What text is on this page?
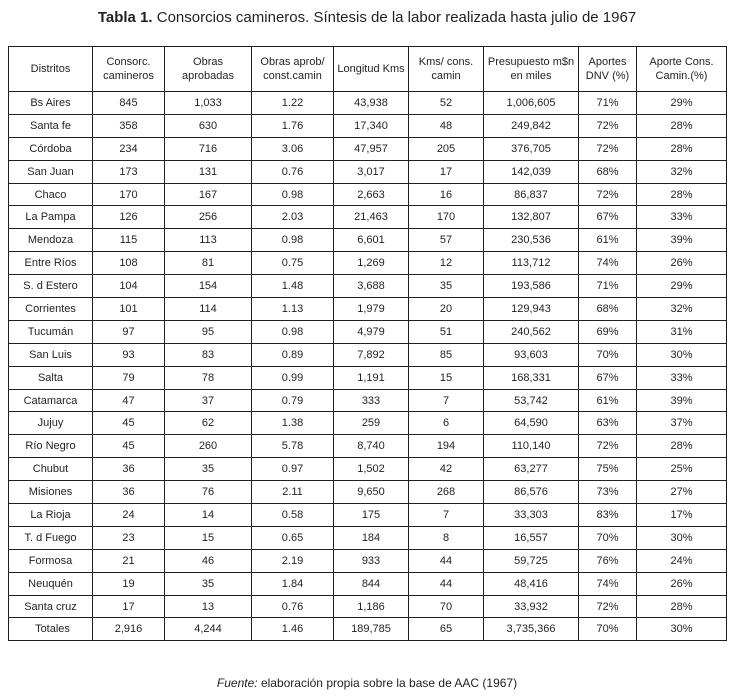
Tabla 1. Consorcios camineros. Síntesis de la labor realizada hasta julio de 1967
Distritos	Consorc. camineros	Obras aprobadas	Obras aprob/ const.camin	Longitud Kms	Kms/ cons. camin	Presupuesto m$n en miles	Aportes DNV (%)	Aporte Cons. Camin.(%)
Bs Aires	845	1,033	1.22	43,938	52	1,006,605	71%	29%
Santa fe	358	630	1.76	17,340	48	249,842	72%	28%
Córdoba	234	716	3.06	47,957	205	376,705	72%	28%
San Juan	173	131	0.76	3,017	17	142,039	68%	32%
Chaco	170	167	0.98	2,663	16	86,837	72%	28%
La Pampa	126	256	2.03	21,463	170	132,807	67%	33%
Mendoza	115	113	0.98	6,601	57	230,536	61%	39%
Entre Ríos	108	81	0.75	1,269	12	113,712	74%	26%
S. d Estero	104	154	1.48	3,688	35	193,586	71%	29%
Corrientes	101	114	1.13	1,979	20	129,943	68%	32%
Tucumán	97	95	0.98	4,979	51	240,562	69%	31%
San Luis	93	83	0.89	7,892	85	93,603	70%	30%
Salta	79	78	0.99	1,191	15	168,331	67%	33%
Catamarca	47	37	0.79	333	7	53,742	61%	39%
Jujuy	45	62	1.38	259	6	64,590	63%	37%
Río Negro	45	260	5.78	8,740	194	110,140	72%	28%
Chubut	36	35	0.97	1,502	42	63,277	75%	25%
Misiones	36	76	2.11	9,650	268	86,576	73%	27%
La Rioja	24	14	0.58	175	7	33,303	83%	17%
T. d Fuego	23	15	0.65	184	8	16,557	70%	30%
Formosa	21	46	2.19	933	44	59,725	76%	24%
Neuquén	19	35	1.84	844	44	48,416	74%	26%
Santa cruz	17	13	0.76	1,186	70	33,932	72%	28%
Totales	2,916	4,244	1.46	189,785	65	3,735,366	70%	30%
Fuente: elaboración propia sobre la base de AAC (1967)
